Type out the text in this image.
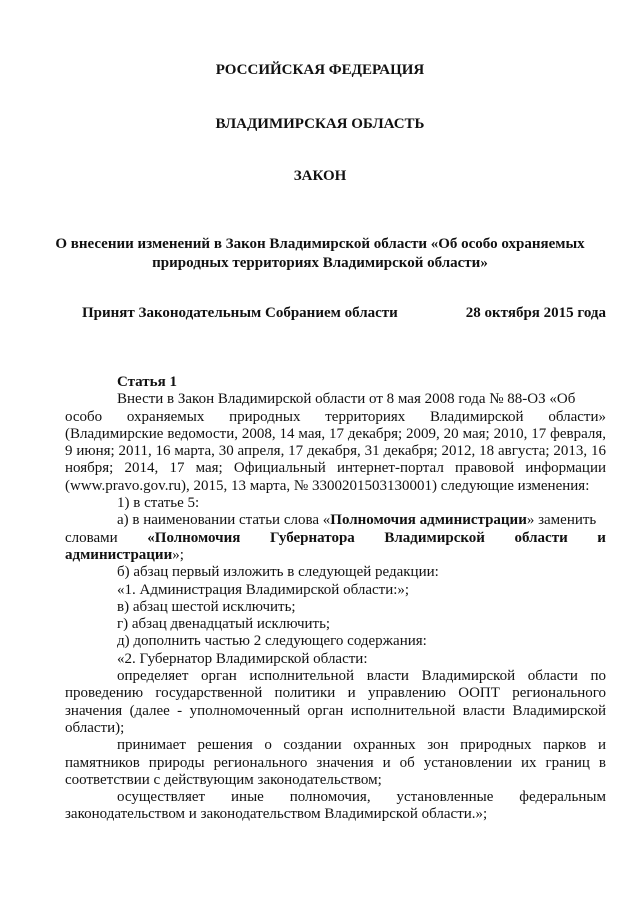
РОССИЙСКАЯ ФЕДЕРАЦИЯ
ВЛАДИМИРСКАЯ ОБЛАСТЬ
ЗАКОН
О внесении изменений в Закон Владимирской области «Об особо охраняемых
природных территориях Владимирской области»
Принят Законодательным Собранием области	28 октября 2015 года

Статья 1

Внести в Закон Владимирской области от 8 мая 2008 года № 88-ОЗ «Об

особо охраняемых природных территориях Владимирской области»

(Владимирские ведомости, 2008, 14 мая, 17 декабря; 2009, 20 мая; 2010, 17 февраля, 9 июня; 2011, 16 марта, 30 апреля, 17 декабря, 31 декабря; 2012, 18 августа; 2013, 16 ноября; 2014, 17 мая; Официальный интернет-портал правовой информации (www.pravo.gov.ru), 2015, 13 марта, № 3300201503130001) следующие изменения:

1) в статье 5:

а) в наименовании статьи слова «Полномочия администрации» заменить

словами «Полномочия Губернатора Владимирской области и

администрации»;

б) абзац первый изложить в следующей редакции:

«1. Администрация Владимирской области:»;

в) абзац шестой исключить;

г) абзац двенадцатый исключить;

д) дополнить частью 2 следующего содержания:

«2. Губернатор Владимирской области:

определяет орган исполнительной власти Владимирской области по проведению государственной политики и управлению ООПТ регионального значения (далее - уполномоченный орган исполнительной власти Владимирской области);

принимает решения о создании охранных зон природных парков и памятников природы регионального значения и об установлении их границ в соответствии с действующим законодательством;

осуществляет иные полномочия, установленные федеральным

законодательством и законодательством Владимирской области.»;
